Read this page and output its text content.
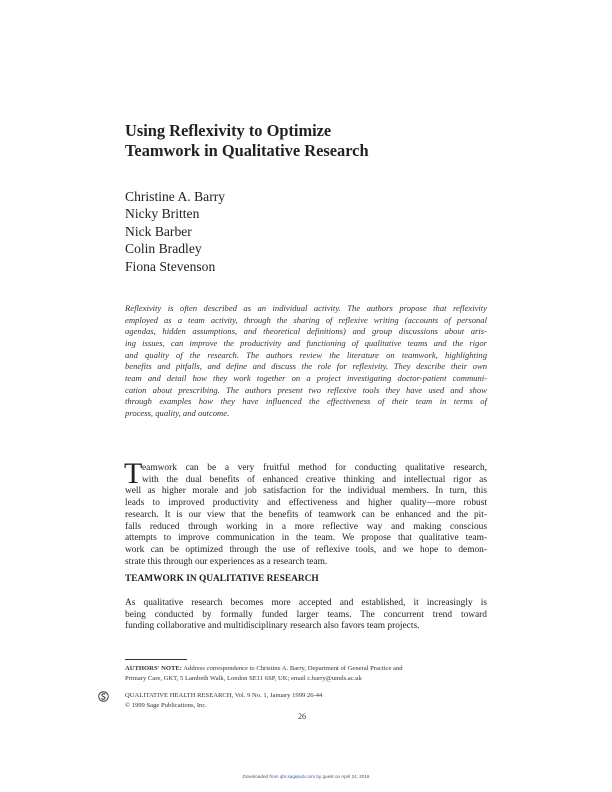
Using Reflexivity to Optimize
Teamwork in Qualitative Research
Christine A. Barry
Nicky Britten
Nick Barber
Colin Bradley
Fiona Stevenson
Reflexivity is often described as an individual activity. The authors propose that reflexivity
employed as a team activity, through the sharing of reflexive writing (accounts of personal
agendas, hidden assumptions, and theoretical definitions) and group discussions about aris-
ing issues, can improve the productivity and functioning of qualitative teams and the rigor
and quality of the research. The authors review the literature on teamwork, highlighting
benefits and pitfalls, and define and discuss the role for reflexivity. They describe their own
team and detail how they work together on a project investigating doctor-patient communi-
cation about prescribing. The authors present two reflexive tools they have used and show
through examples how they have influenced the effectiveness of their team in terms of
process, quality, and outcome.
T eamwork can be a very fruitful method for conducting qualitative research,
with the dual benefits of enhanced creative thinking and intellectual rigor as
well as higher morale and job satisfaction for the individual members. In turn, this
leads to improved productivity and effectiveness and higher quality—more robust
research. It is our view that the benefits of teamwork can be enhanced and the pit-
falls reduced through working in a more reflective way and making conscious
attempts to improve communication in the team. We propose that qualitative team-
work can be optimized through the use of reflexive tools, and we hope to demon-
strate this through our experiences as a research team.
TEAMWORK IN QUALITATIVE RESEARCH
As qualitative research becomes more accepted and established, it increasingly is
being conducted by formally funded larger teams. The concurrent trend toward
funding collaborative and multidisciplinary research also favors team projects.
AUTHORS' NOTE: Address correspondence to Christine A. Barry, Department of General Practice and
Primary Care, GKT, 5 Lambeth Walk, London SE11 6SP, UK; email c.barry@umds.ac.uk
QUALITATIVE HEALTH RESEARCH, Vol. 9 No. 1, January 1999 26-44
© 1999 Sage Publications, Inc.
26
Downloaded from qhr.sagepub.com by guest on April 24, 2016
